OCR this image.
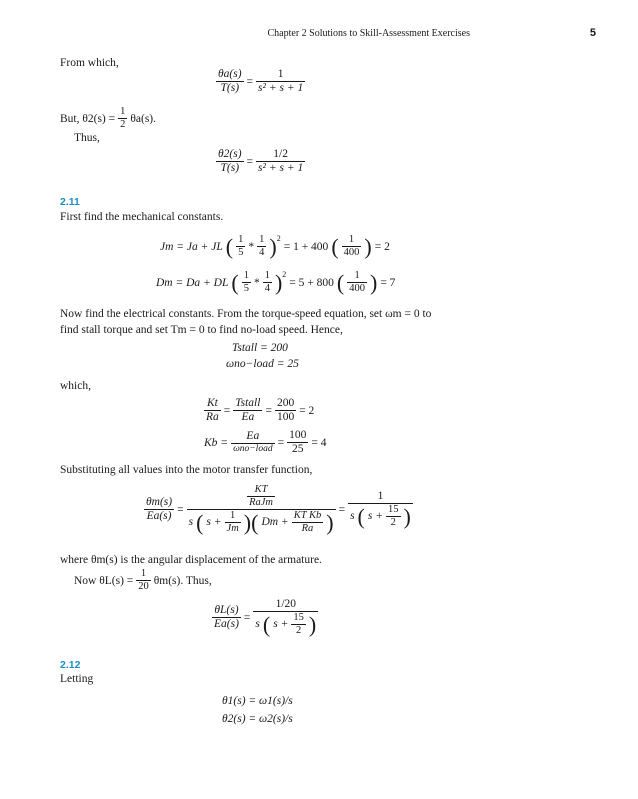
Chapter 2 Solutions to Skill-Assessment Exercises	5
From which,
$\frac{\theta a(s)}{T(s)} = \frac{1}{\text{s² + s + 1}}$
But, $\theta 2(s) = \frac{1}{2} \theta a(s)$.
Thus,
$\frac{\theta 2(s)}{T(s)} = \frac{1/2}{\text{s² + s + 1}}$
2.11
First find the mechanical constants.
Jm = Ja + JL ( $\frac{1}{5} * \frac{1}{4} )^2$
= 1 + 400 ( $\frac{1}{400}$ ) = 2
Dm = Da + DL ( $\frac{1}{5} * \frac{1}{4} )^2$
= 5 + 800 ( $\frac{1}{400}$ ) = 7
Now find the electrical constants. From the torque-speed equation, set ωm = 0 to
find stall torque and set Tm = 0 to find no-load speed. Hence,
Tstall = 200
ωno−load = 25
which,
$\frac{Kt}{Ra} = \frac{\text{Tstall}}{Ea} = \frac{200}{100} = 2$
$Kb = \frac{Ea}{\text{ωno−load}} = \frac{100}{25} = 4$
Substituting all values into the motor transfer function,
$\frac{\theta m(s)}{Ea(s)}$ =
$\frac{KT}{\text{RaJm}}$
s ( $s + \frac{1}{Jm}$ )( $Dm + \frac{\text{KT Kb}}{Ra}$ )
= $\frac{1}{s ( s + \frac{15}{2} )}$
where θm(s) is the angular displacement of the armature.
Now $\theta L(s) = \frac{1}{20} \theta m(s)$. Thus,
$\frac{\theta L(s)}{Ea(s)} = \frac{1/20}{s ( s + \frac{15}{2} )}$
2.12
Letting
θ1(s) = ω1(s)/s
θ2(s) = ω2(s)/s
